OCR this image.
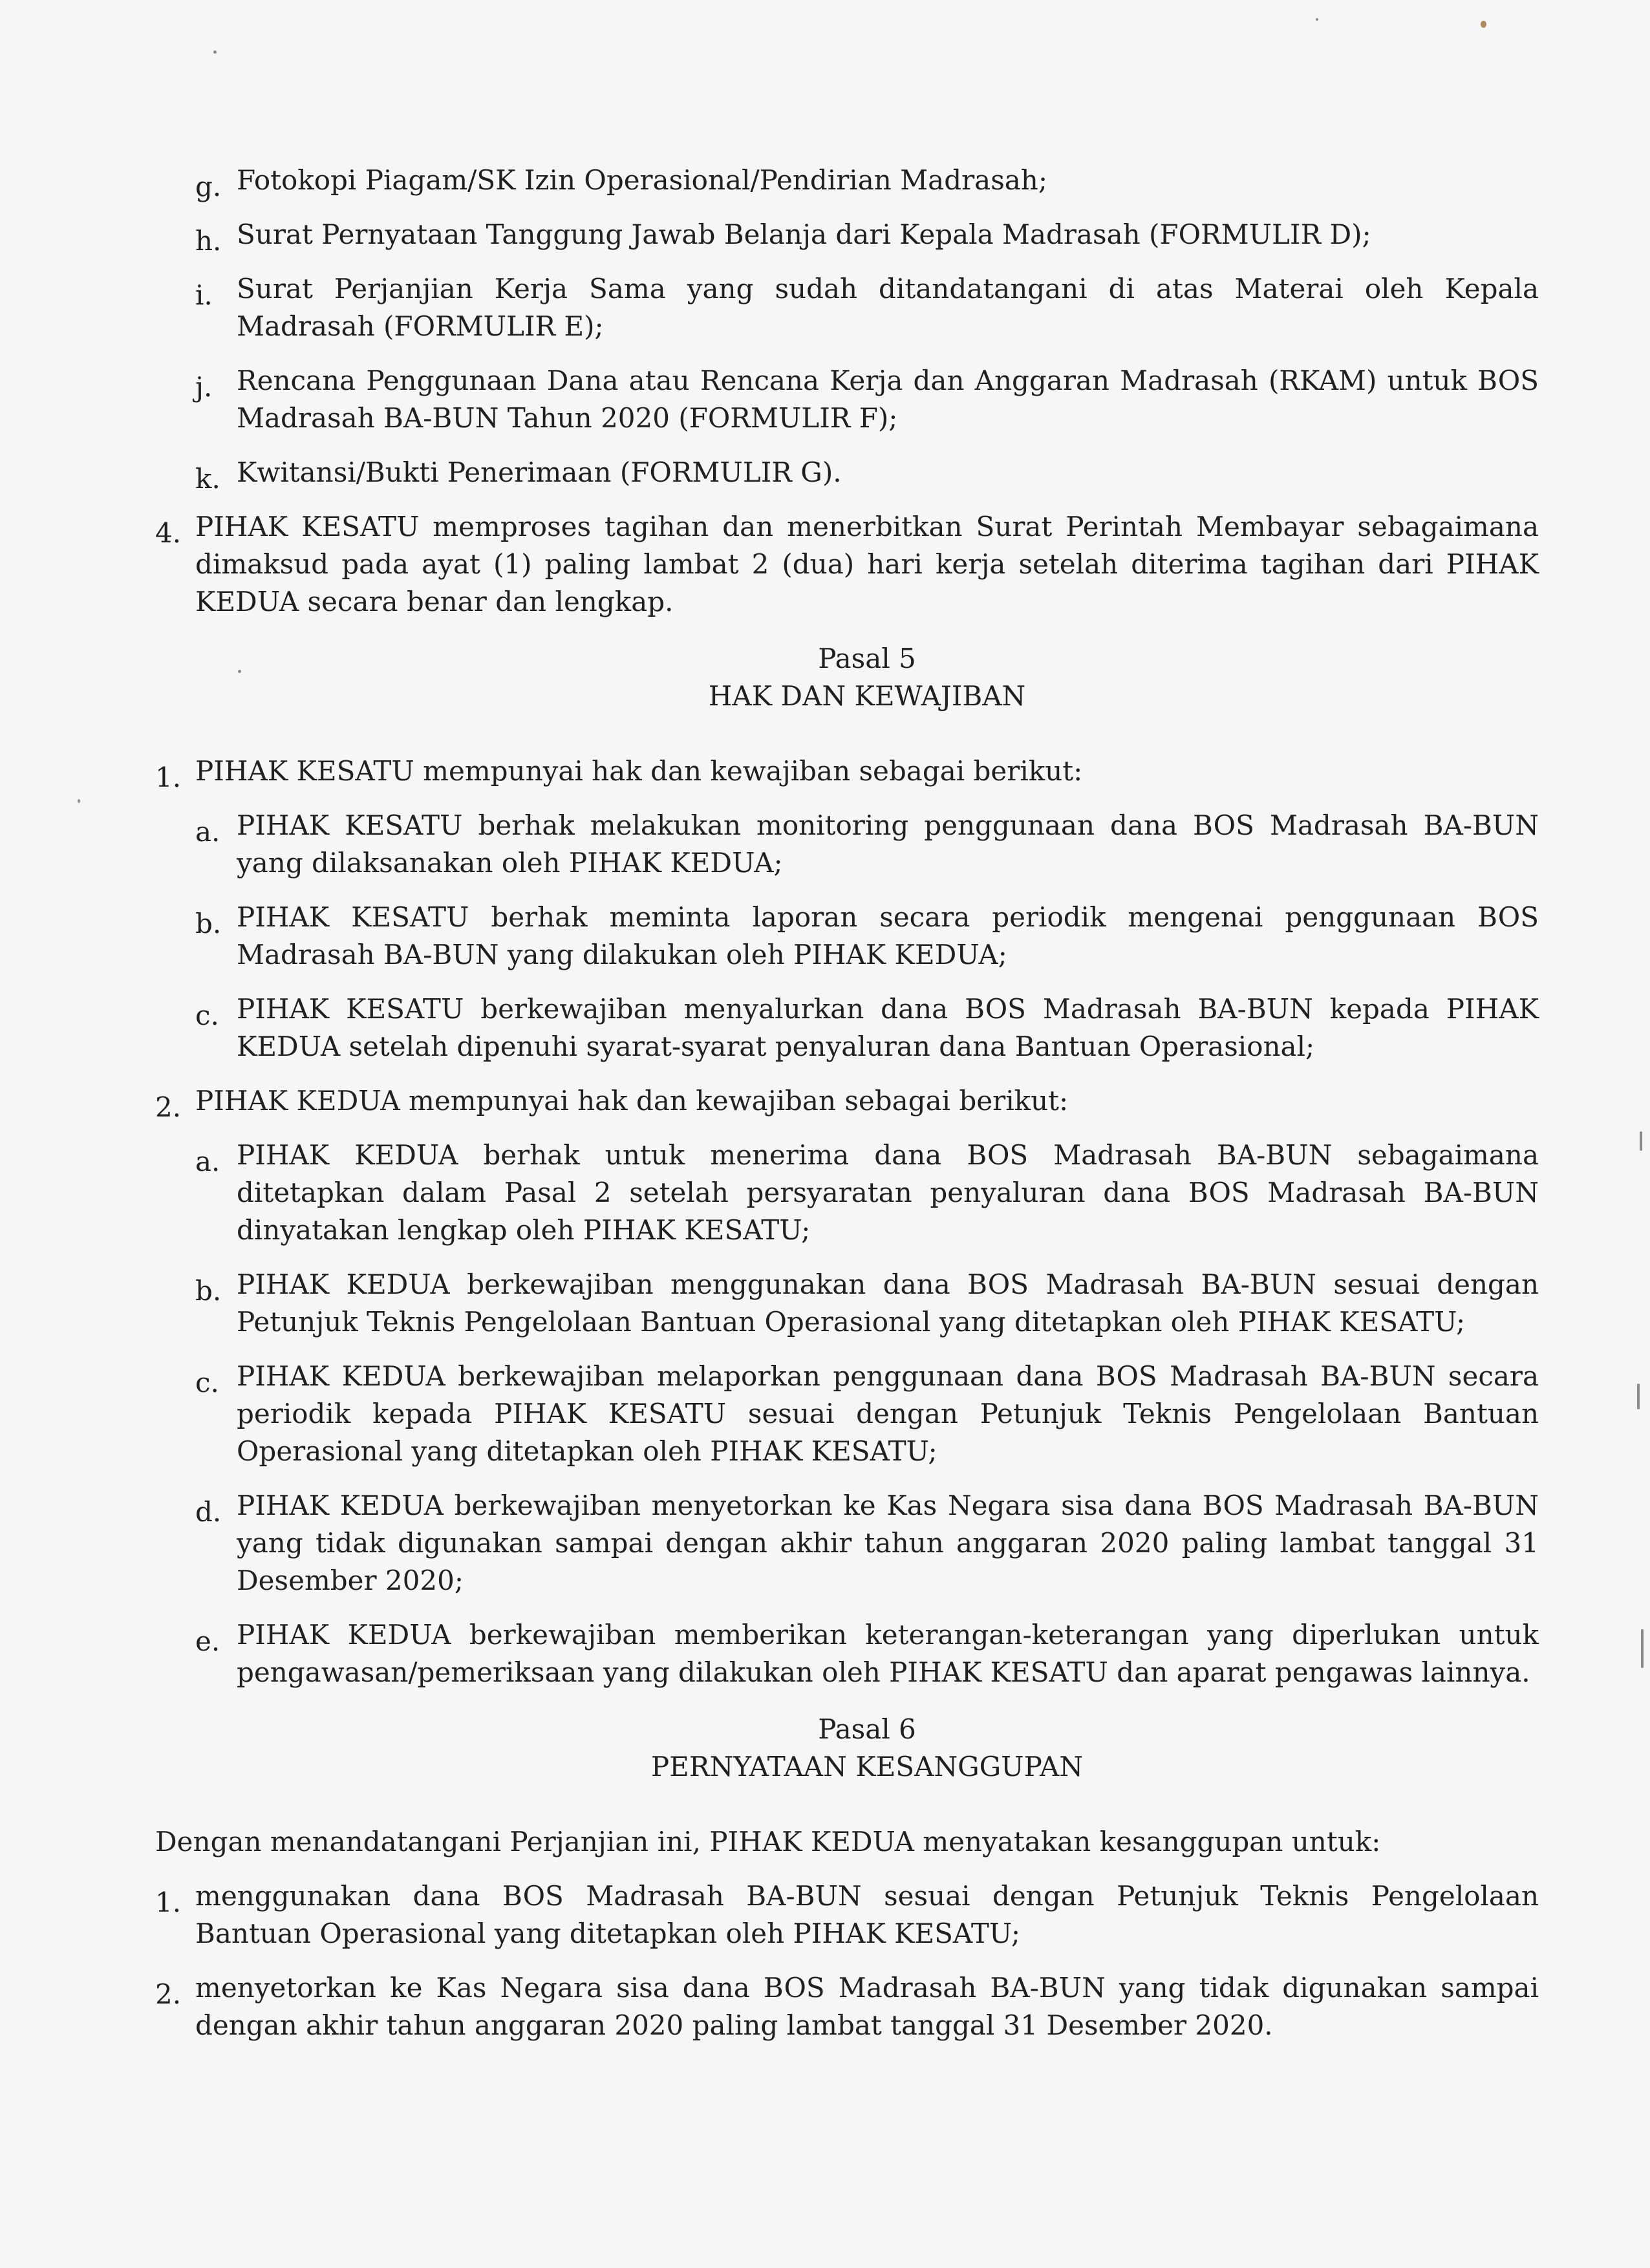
g. Fotokopi Piagam/SK Izin Operasional/Pendirian Madrasah;
h. Surat Pernyataan Tanggung Jawab Belanja dari Kepala Madrasah (FORMULIR D);
i. Surat Perjanjian Kerja Sama yang sudah ditandatangani di atas Materai oleh Kepala Madrasah (FORMULIR E);
j. Rencana Penggunaan Dana atau Rencana Kerja dan Anggaran Madrasah (RKAM) untuk BOS Madrasah BA-BUN Tahun 2020 (FORMULIR F);
k. Kwitansi/Bukti Penerimaan (FORMULIR G).
4. PIHAK KESATU memproses tagihan dan menerbitkan Surat Perintah Membayar sebagaimana dimaksud pada ayat (1) paling lambat 2 (dua) hari kerja setelah diterima tagihan dari PIHAK KEDUA secara benar dan lengkap.
Pasal 5
HAK DAN KEWAJIBAN
1. PIHAK KESATU mempunyai hak dan kewajiban sebagai berikut:
a. PIHAK KESATU berhak melakukan monitoring penggunaan dana BOS Madrasah BA-BUN yang dilaksanakan oleh PIHAK KEDUA;
b. PIHAK KESATU berhak meminta laporan secara periodik mengenai penggunaan BOS Madrasah BA-BUN yang dilakukan oleh PIHAK KEDUA;
c. PIHAK KESATU berkewajiban menyalurkan dana BOS Madrasah BA-BUN kepada PIHAK KEDUA setelah dipenuhi syarat-syarat penyaluran dana Bantuan Operasional;
2. PIHAK KEDUA mempunyai hak dan kewajiban sebagai berikut:
a. PIHAK KEDUA berhak untuk menerima dana BOS Madrasah BA-BUN sebagaimana ditetapkan dalam Pasal 2 setelah persyaratan penyaluran dana BOS Madrasah BA-BUN dinyatakan lengkap oleh PIHAK KESATU;
b. PIHAK KEDUA berkewajiban menggunakan dana BOS Madrasah BA-BUN sesuai dengan Petunjuk Teknis Pengelolaan Bantuan Operasional yang ditetapkan oleh PIHAK KESATU;
c. PIHAK KEDUA berkewajiban melaporkan penggunaan dana BOS Madrasah BA-BUN secara periodik kepada PIHAK KESATU sesuai dengan Petunjuk Teknis Pengelolaan Bantuan Operasional yang ditetapkan oleh PIHAK KESATU;
d. PIHAK KEDUA berkewajiban menyetorkan ke Kas Negara sisa dana BOS Madrasah BA-BUN yang tidak digunakan sampai dengan akhir tahun anggaran 2020 paling lambat tanggal 31 Desember 2020;
e. PIHAK KEDUA berkewajiban memberikan keterangan-keterangan yang diperlukan untuk pengawasan/pemeriksaan yang dilakukan oleh PIHAK KESATU dan aparat pengawas lainnya.
Pasal 6
PERNYATAAN KESANGGUPAN
Dengan menandatangani Perjanjian ini, PIHAK KEDUA menyatakan kesanggupan untuk:
1. menggunakan dana BOS Madrasah BA-BUN sesuai dengan Petunjuk Teknis Pengelolaan Bantuan Operasional yang ditetapkan oleh PIHAK KESATU;
2. menyetorkan ke Kas Negara sisa dana BOS Madrasah BA-BUN yang tidak digunakan sampai dengan akhir tahun anggaran 2020 paling lambat tanggal 31 Desember 2020.
